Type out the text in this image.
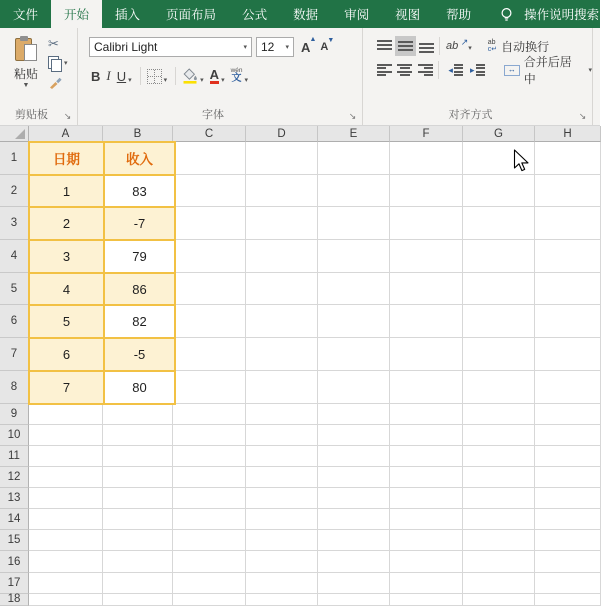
文件	开始	插入	页面布局	公式	数据	审阅	视图	帮助	操作说明搜索
粘贴
▼
✂
▾
剪贴板	↘
Calibri Light	▾ 12 ▾ A
▲
A
▼
B I U ▾	▾	▾ A ▾
wén
文 ▾
字体	↘
ab ↗	▾
ab
c↵ 自动换行
◂ ▸	↔
合并后居中
▾
对齐方式	↘
A	B	C	D	E	F	G	H
1
2
3
4
5
6
7
8
9
10
11
12
13
14
15
16
17
18
日期	收入
1	83
2	-7
3	79
4	86
5	82
6	-5
7	80
